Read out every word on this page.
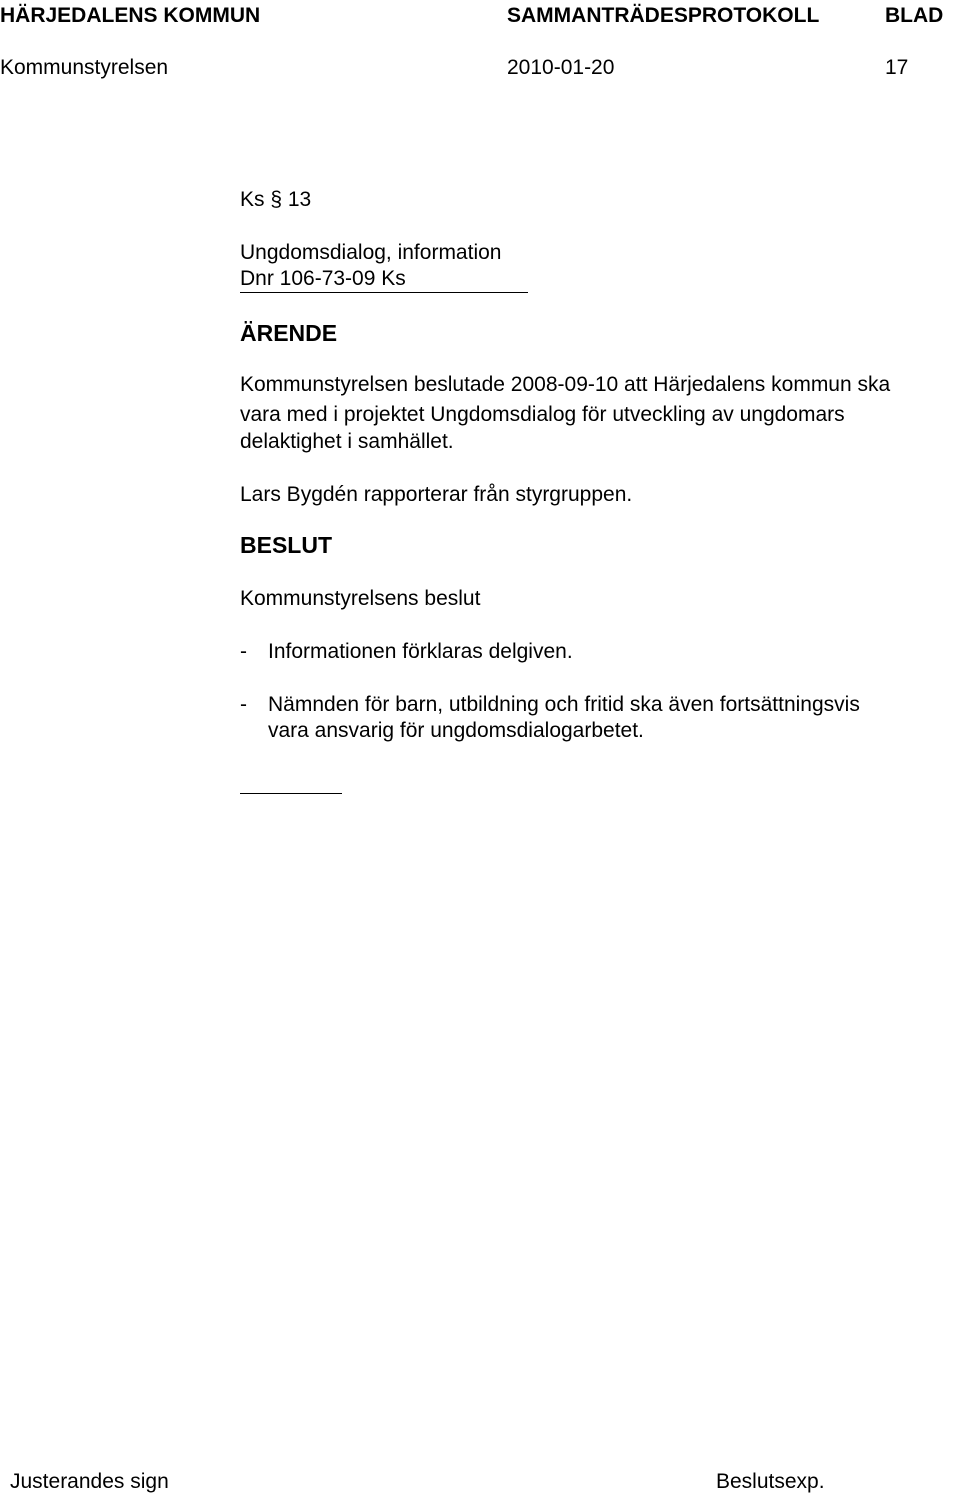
HÄRJEDALENS KOMMUN	SAMMANTRÄDESPROTOKOLL	BLAD
Kommunstyrelsen	2010-01-20	17
Ks § 13
Ungdomsdialog, information
Dnr 106-73-09 Ks
ÄRENDE
Kommunstyrelsen beslutade 2008-09-10 att Härjedalens kommun ska
vara med i projektet Ungdomsdialog för utveckling av ungdomars
delaktighet i samhället.
Lars Bygdén rapporterar från styrgruppen.
BESLUT
Kommunstyrelsens beslut
- Informationen förklaras delgiven.
- Nämnden för barn, utbildning och fritid ska även fortsättningsvis
vara ansvarig för ungdomsdialogarbetet.
Justerandes sign	Beslutsexp.
